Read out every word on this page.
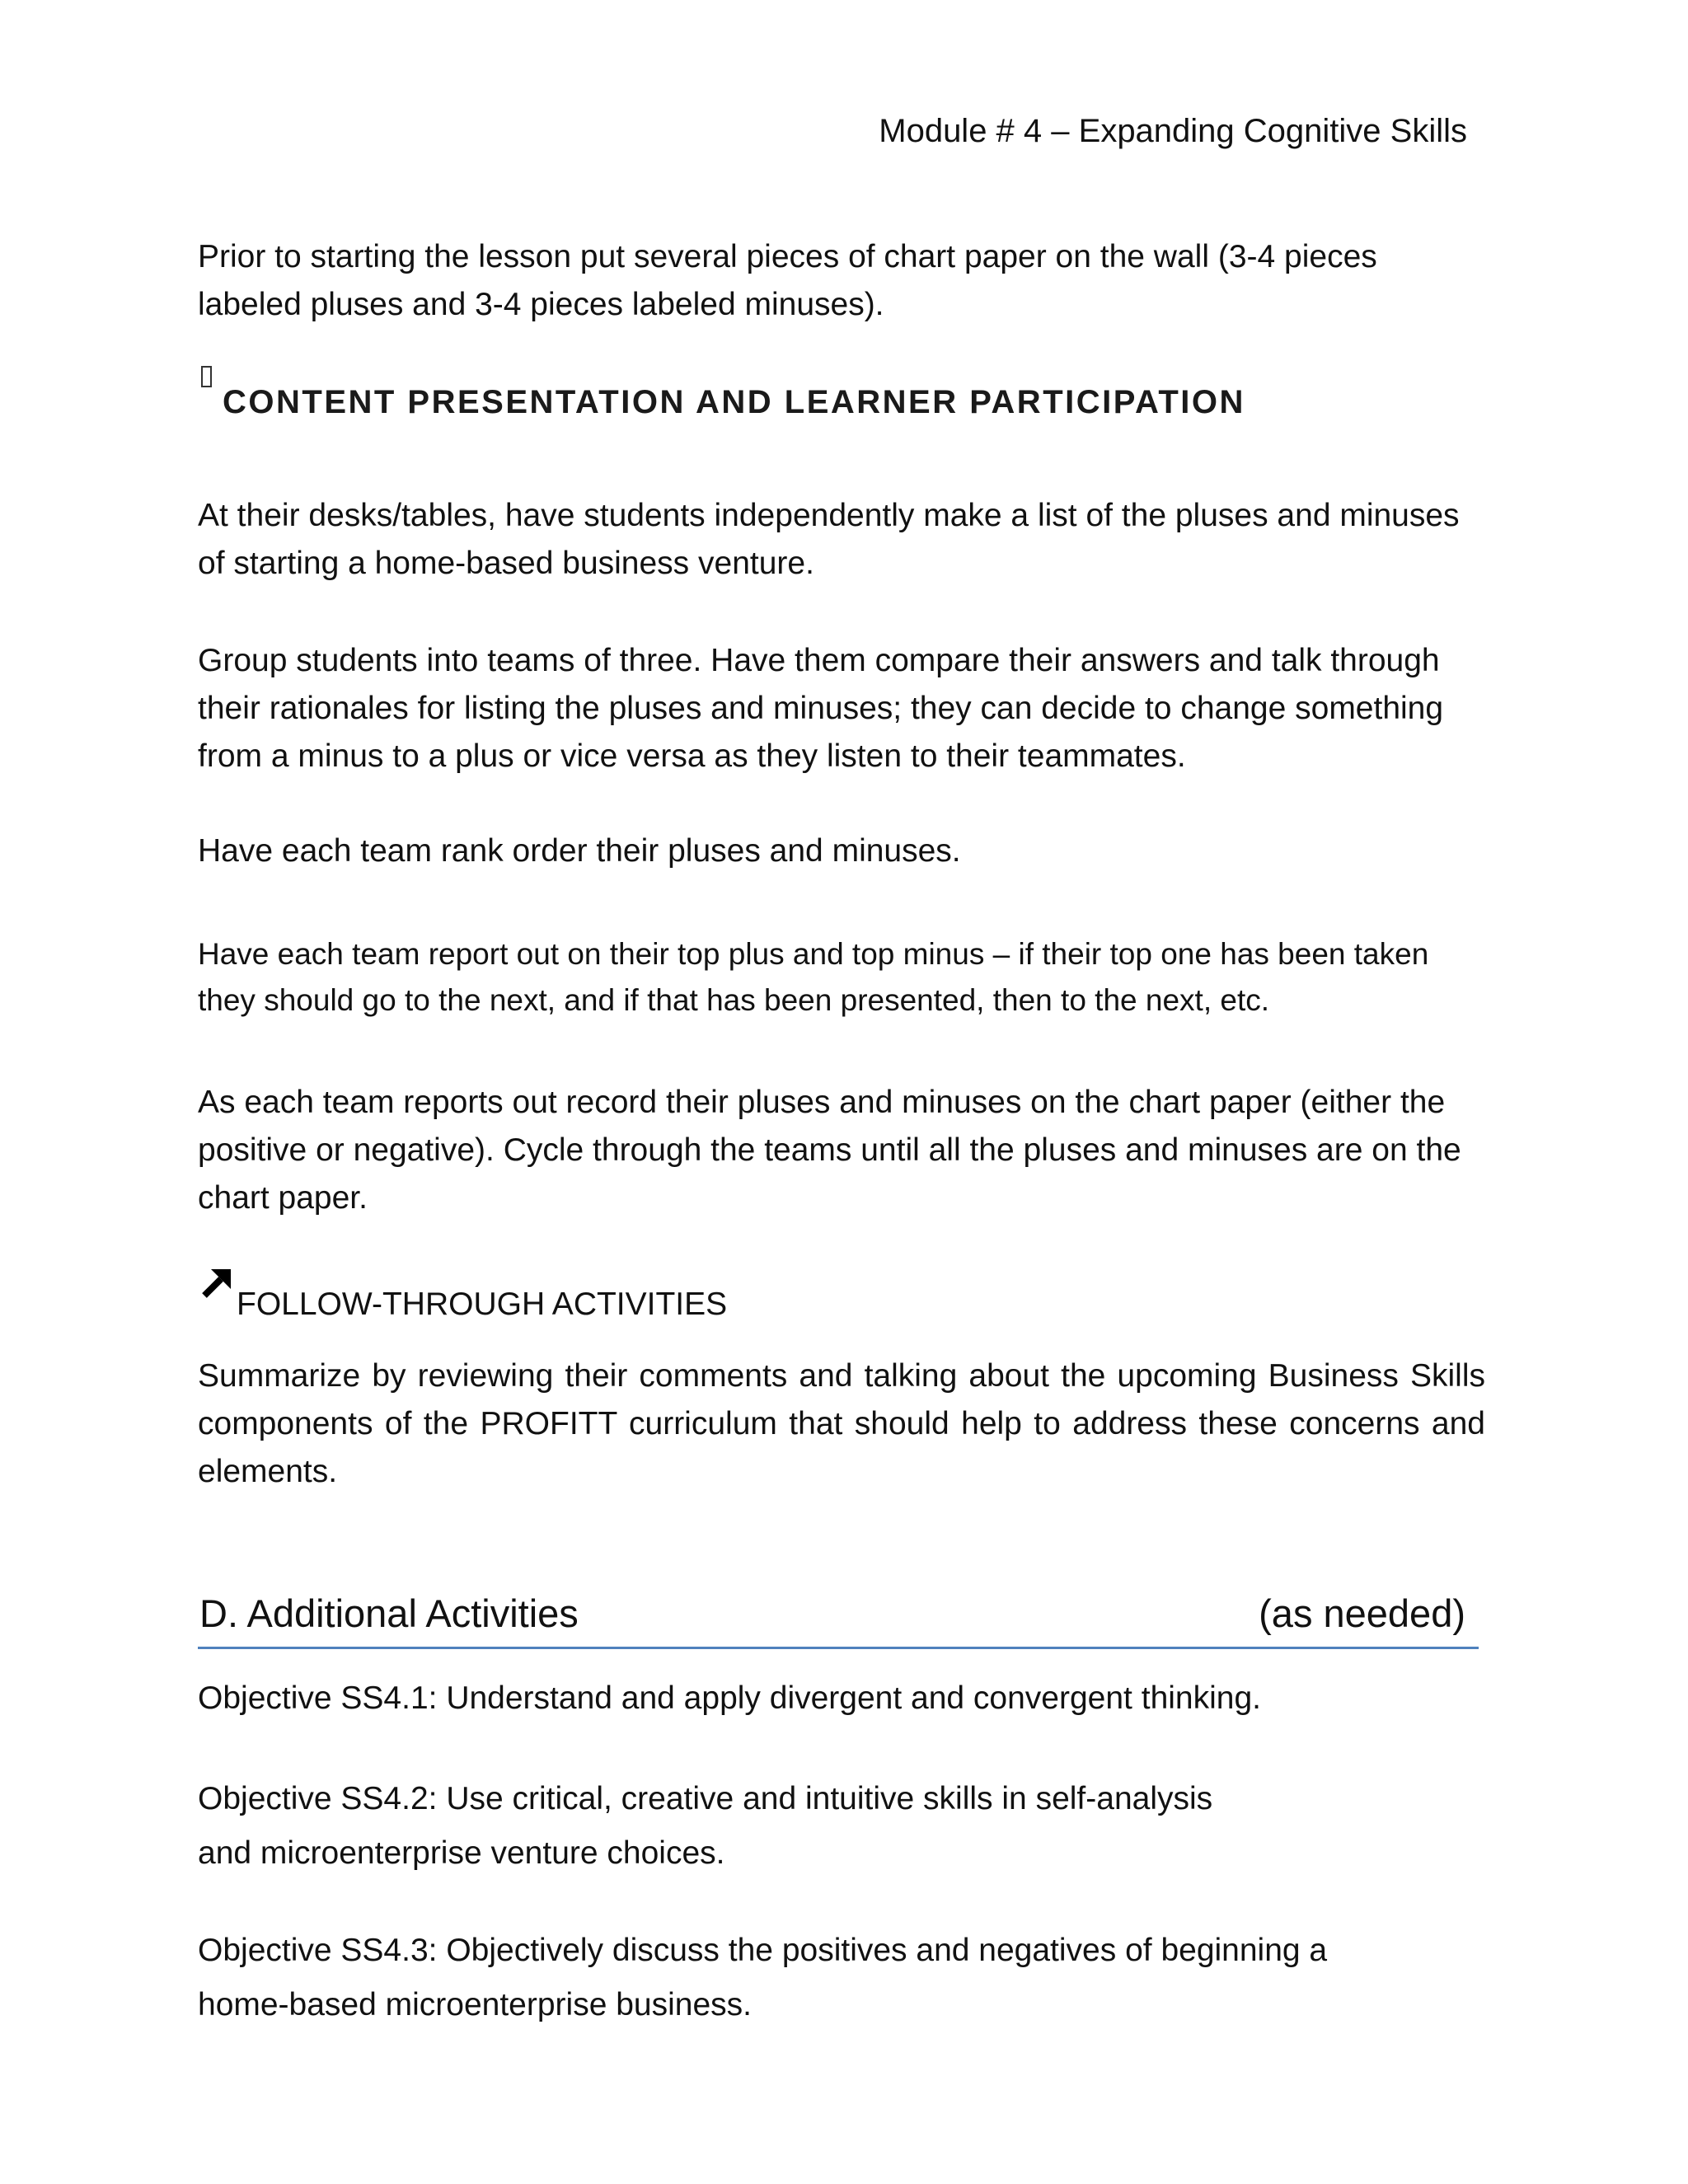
Module # 4 – Expanding Cognitive Skills
Prior to starting the lesson put several pieces of chart paper on the wall (3-4 pieces labeled pluses and 3-4 pieces labeled minuses).
CONTENT PRESENTATION AND LEARNER PARTICIPATION
At their desks/tables, have students independently make a list of the pluses and minuses of starting a home-based business venture.
Group students into teams of three. Have them compare their answers and talk through their rationales for listing the pluses and minuses; they can decide to change something from a minus to a plus or vice versa as they listen to their teammates.
Have each team rank order their pluses and minuses.
Have each team report out on their top plus and top minus – if their top one has been taken they should go to the next, and if that has been presented, then to the next, etc.
As each team reports out record their pluses and minuses on the chart paper (either the positive or negative). Cycle through the teams until all the pluses and minuses are on the chart paper.
FOLLOW-THROUGH ACTIVITIES
Summarize by reviewing their comments and talking about the upcoming Business Skills components of the PROFITT curriculum that should help to address these concerns and elements.
D. Additional Activities	(as needed)
Objective SS4.1: Understand and apply divergent and convergent thinking.
Objective SS4.2: Use critical, creative and intuitive skills in self-analysis and microenterprise venture choices.
Objective SS4.3: Objectively discuss the positives and negatives of beginning a home-based microenterprise business.
